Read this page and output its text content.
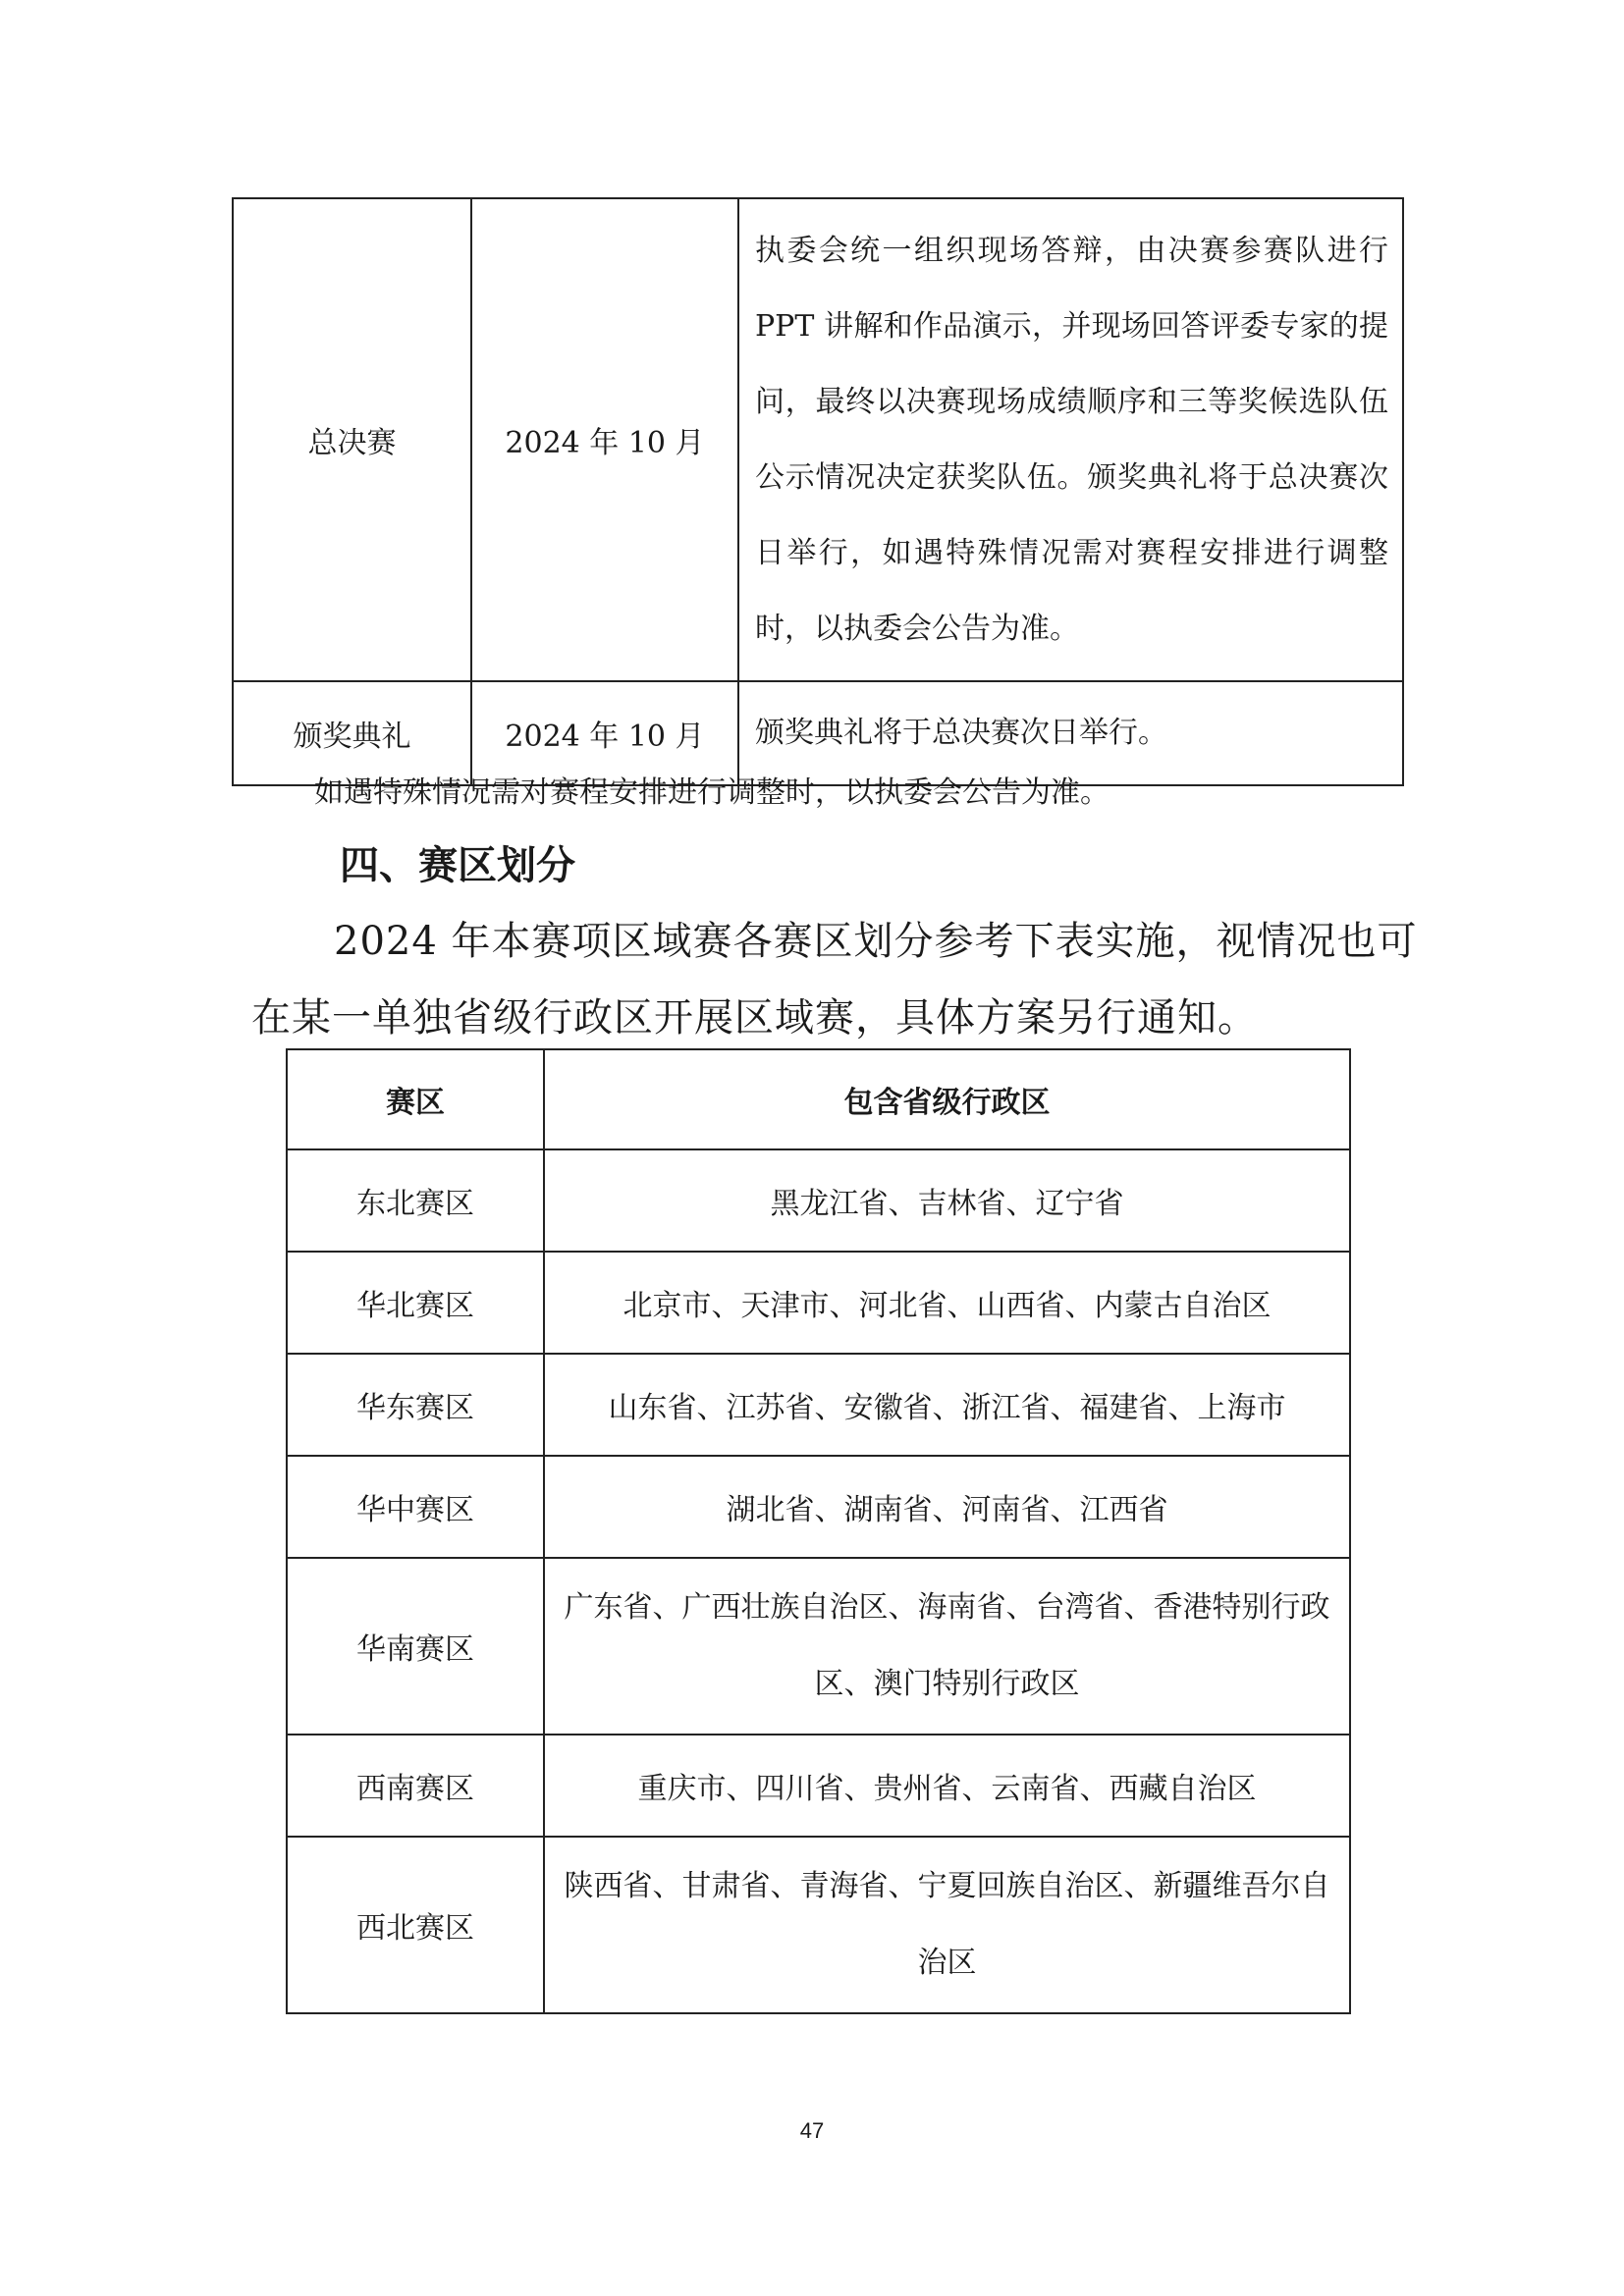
总决赛	2024 年 10 月	执委会统一组织现场答辩，由决赛参赛队进行 PPT 讲解和作品演示，并现场回答评委专家的提问，最终以决赛现场成绩顺序和三等奖候选队伍公示情况决定获奖队伍。颁奖典礼将于总决赛次日举行，如遇特殊情况需对赛程安排进行调整时，以执委会公告为准。
颁奖典礼	2024 年 10 月	颁奖典礼将于总决赛次日举行。
如遇特殊情况需对赛程安排进行调整时，以执委会公告为准。
四、赛区划分
2024 年本赛项区域赛各赛区划分参考下表实施，视情况也可在某一单独省级行政区开展区域赛，具体方案另行通知。
赛区	包含省级行政区
东北赛区	黑龙江省、吉林省、辽宁省
华北赛区	北京市、天津市、河北省、山西省、内蒙古自治区
华东赛区	山东省、江苏省、安徽省、浙江省、福建省、上海市
华中赛区	湖北省、湖南省、河南省、江西省
华南赛区	广东省、广西壮族自治区、海南省、台湾省、香港特别行政区、澳门特别行政区
西南赛区	重庆市、四川省、贵州省、云南省、西藏自治区
西北赛区	陕西省、甘肃省、青海省、宁夏回族自治区、新疆维吾尔自治区
47
